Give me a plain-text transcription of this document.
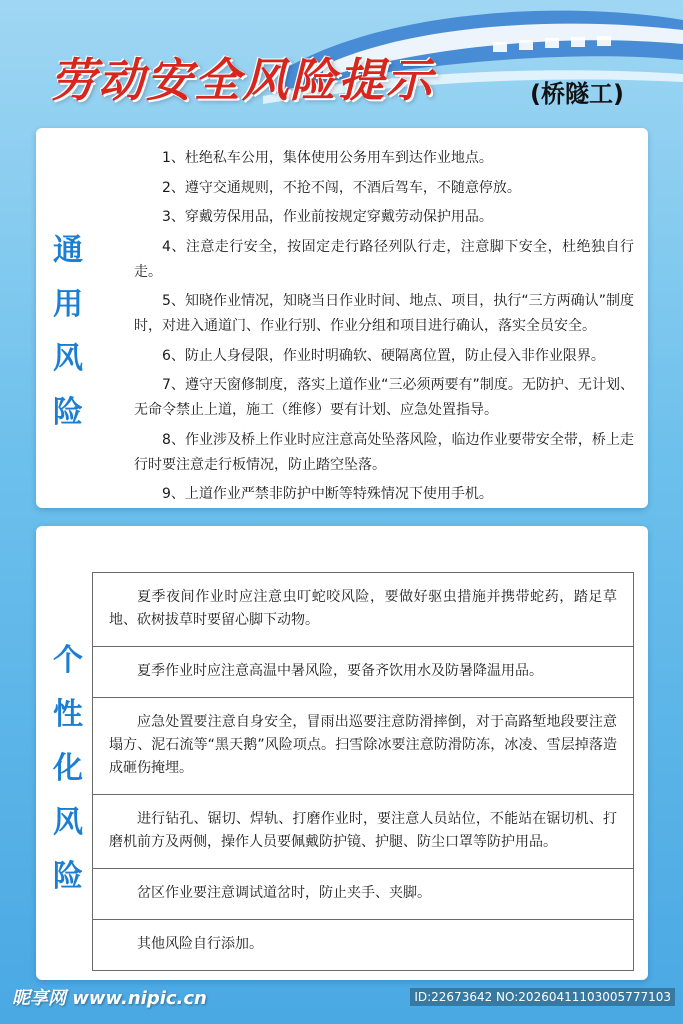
劳动安全风险提示	(桥隧工)
通
用
风
险

1、杜绝私车公用，集体使用公务用车到达作业地点。

2、遵守交通规则，不抢不闯，不酒后驾车，不随意停放。

3、穿戴劳保用品，作业前按规定穿戴劳动保护用品。

4、注意走行安全，按固定走行路径列队行走，注意脚下安全，杜绝独自行走。

5、知晓作业情况，知晓当日作业时间、地点、项目，执行“三方两确认”制度时，对进入通道门、作业行别、作业分组和项目进行确认，落实全员安全。

6、防止人身侵限，作业时明确软、硬隔离位置，防止侵入非作业限界。

7、遵守天窗修制度，落实上道作业“三必须两要有”制度。无防护、无计划、无命令禁止上道，施工（维修）要有计划、应急处置指导。

8、作业涉及桥上作业时应注意高处坠落风险，临边作业要带安全带，桥上走行时要注意走行板情况，防止踏空坠落。

9、上道作业严禁非防护中断等特殊情况下使用手机。

个
性
化
风
险
夏季夜间作业时应注意虫叮蛇咬风险，要做好驱虫措施并携带蛇药，踏足草地、砍树拔草时要留心脚下动物。
夏季作业时应注意高温中暑风险，要备齐饮用水及防暑降温用品。
应急处置要注意自身安全，冒雨出巡要注意防滑摔倒，对于高路堑地段要注意塌方、泥石流等“黑天鹅”风险项点。扫雪除冰要注意防滑防冻，冰凌、雪层掉落造成砸伤掩埋。
进行钻孔、锯切、焊轨、打磨作业时，要注意人员站位，不能站在锯切机、打磨机前方及两侧，操作人员要佩戴防护镜、护腿、防尘口罩等防护用品。
岔区作业要注意调试道岔时，防止夹手、夹脚。
其他风险自行添加。
昵享网 www.nipic.cn	ID:22673642 NO:20260411103005777103
